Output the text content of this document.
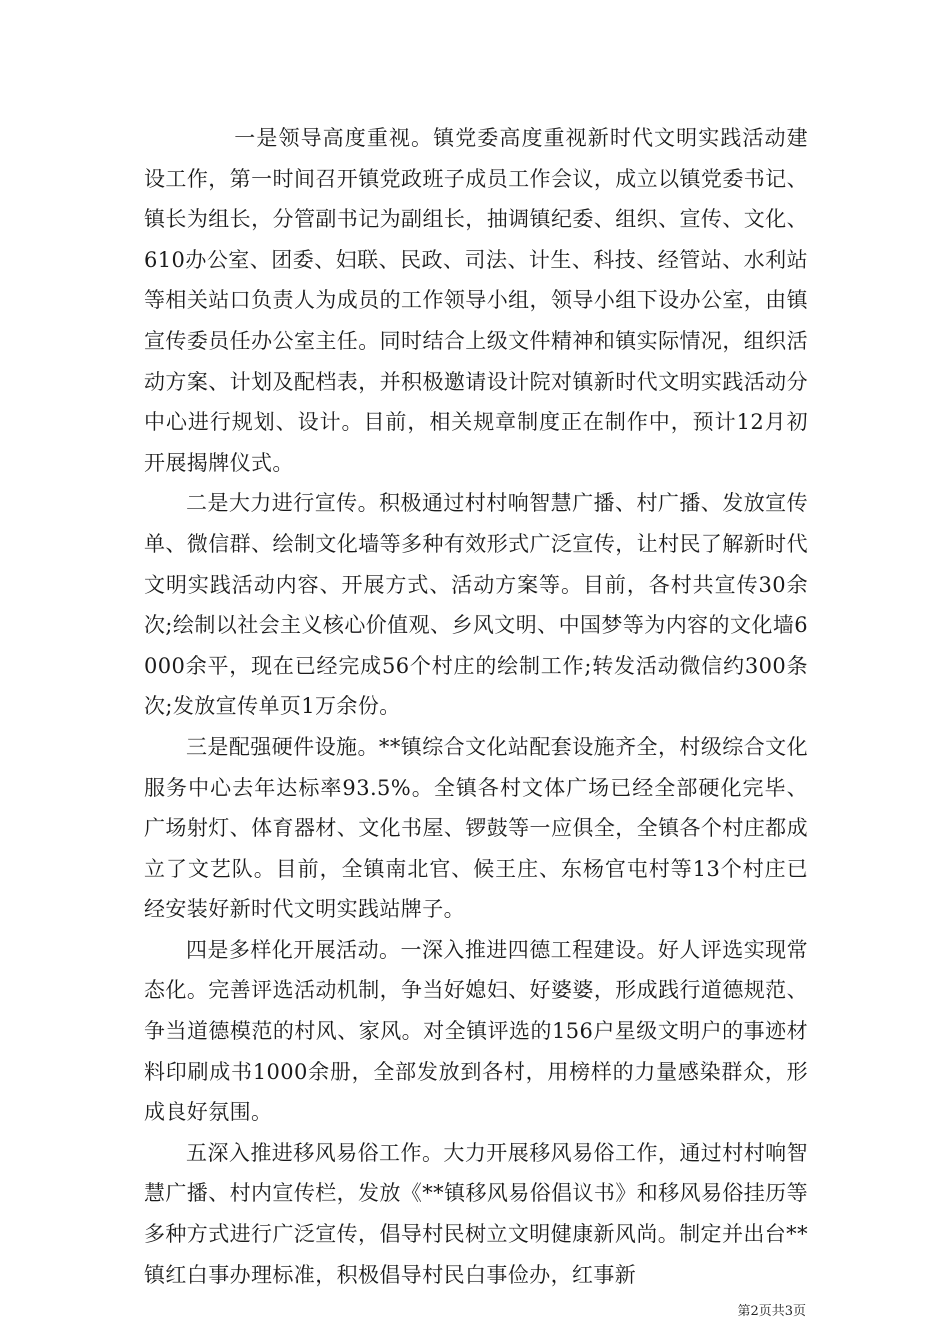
一是领导高度重视。镇党委高度重视新时代文明实践活动建设工作，第一时间召开镇党政班子成员工作会议，成立以镇党委书记、镇长为组长，分管副书记为副组长，抽调镇纪委、组织、宣传、文化、610办公室、团委、妇联、民政、司法、计生、科技、经管站、水利站等相关站口负责人为成员的工作领导小组，领导小组下设办公室，由镇宣传委员任办公室主任。同时结合上级文件精神和镇实际情况，组织活动方案、计划及配档表，并积极邀请设计院对镇新时代文明实践活动分中心进行规划、设计。目前，相关规章制度正在制作中，预计12月初开展揭牌仪式。

二是大力进行宣传。积极通过村村响智慧广播、村广播、发放宣传单、微信群、绘制文化墙等多种有效形式广泛宣传，让村民了解新时代文明实践活动内容、开展方式、活动方案等。目前，各村共宣传30余次;绘制以社会主义核心价值观、乡风文明、中国梦等为内容的文化墙6000余平，现在已经完成56个村庄的绘制工作;转发活动微信约300条次;发放宣传单页1万余份。

三是配强硬件设施。**镇综合文化站配套设施齐全，村级综合文化服务中心去年达标率93.5%。全镇各村文体广场已经全部硬化完毕、广场射灯、体育器材、文化书屋、锣鼓等一应俱全，全镇各个村庄都成立了文艺队。目前，全镇南北官、候王庄、东杨官屯村等13个村庄已经安装好新时代文明实践站牌子。

四是多样化开展活动。一深入推进四德工程建设。好人评选实现常态化。完善评选活动机制，争当好媳妇、好婆婆，形成践行道德规范、争当道德模范的村风、家风。对全镇评选的156户星级文明户的事迹材料印刷成书1000余册，全部发放到各村，用榜样的力量感染群众，形成良好氛围。

五深入推进移风易俗工作。大力开展移风易俗工作，通过村村响智慧广播、村内宣传栏，发放《**镇移风易俗倡议书》和移风易俗挂历等多种方式进行广泛宣传，倡导村民树立文明健康新风尚。制定并出台**镇红白事办理标准，积极倡导村民白事俭办，红事新

第2页共3页
